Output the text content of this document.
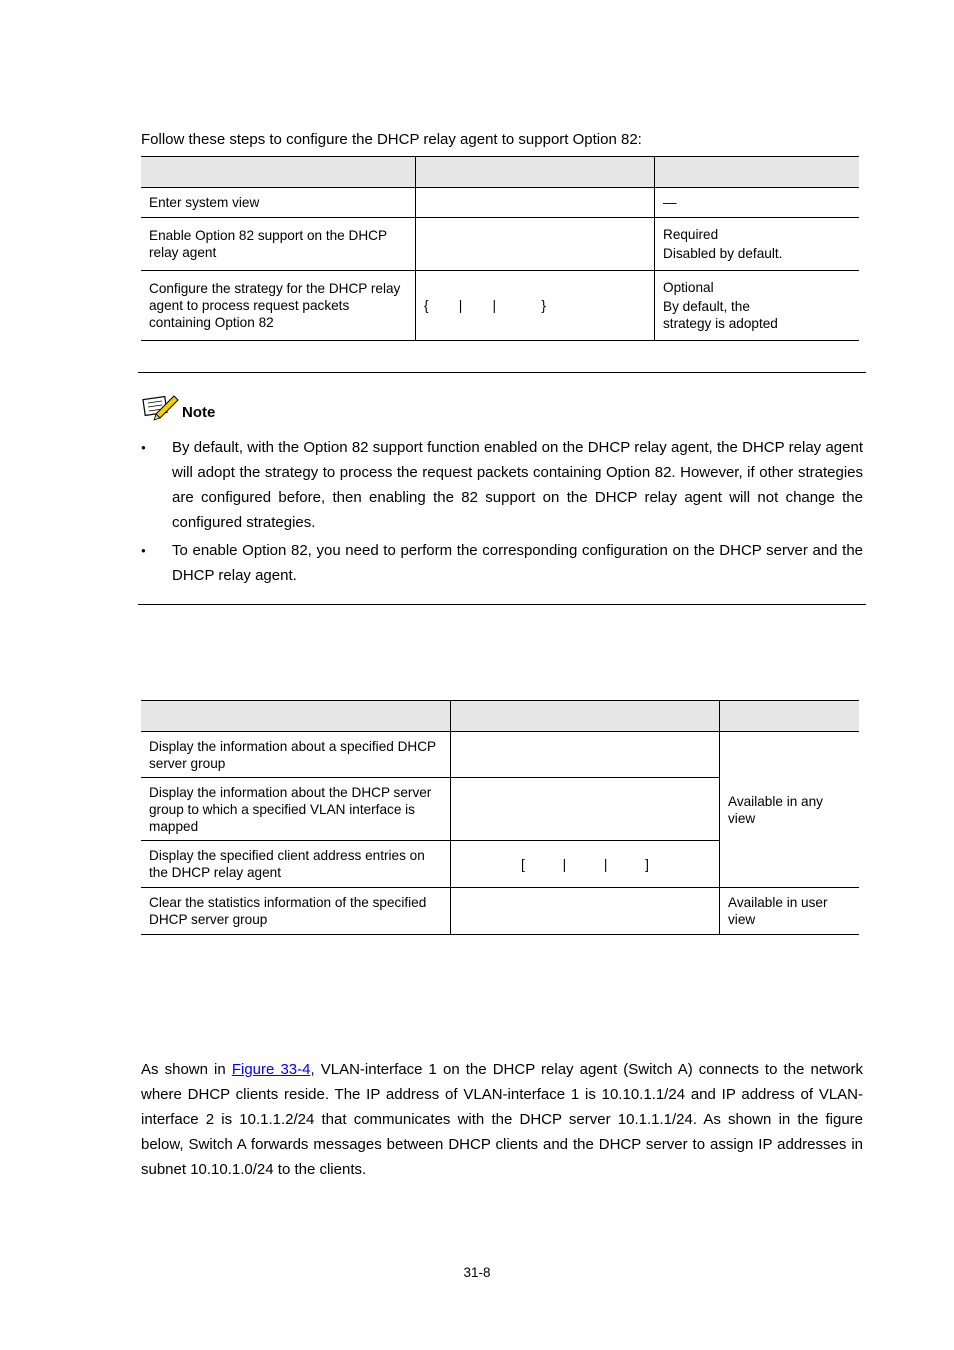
Follow these steps to configure the DHCP relay agent to support Option 82:

Enter system view		—

Enable Option 82 support on the DHCP relay agent		Required
Disabled by default.

Configure the strategy for the DHCP relay agent to process request packets containing Option 82	{        |        |            }	Optional
By default, the strategy is adopted
Note
● By default, with the Option 82 support function enabled on the DHCP relay agent, the DHCP relay agent will adopt the strategy to process the request packets containing Option 82. However, if other strategies are configured before, then enabling the 82 support on the DHCP relay agent will not change the configured strategies.
● To enable Option 82, you need to perform the corresponding configuration on the DHCP server and the DHCP relay agent.

Display the information about a specified DHCP server group		Available in any view
Display the information about the DHCP server group to which a specified VLAN interface is mapped		
Display the specified client address entries on the DHCP relay agent	[          |          |          ]	
Clear the statistics information of the specified DHCP server group		Available in user view
As shown in Figure 33-4, VLAN-interface 1 on the DHCP relay agent (Switch A) connects to the network where DHCP clients reside. The IP address of VLAN-interface 1 is 10.10.1.1/24 and IP address of VLAN-interface 2 is 10.1.1.2/24 that communicates with the DHCP server 10.1.1.1/24. As shown in the figure below, Switch A forwards messages between DHCP clients and the DHCP server to assign IP addresses in subnet 10.10.1.0/24 to the clients.
31-8
